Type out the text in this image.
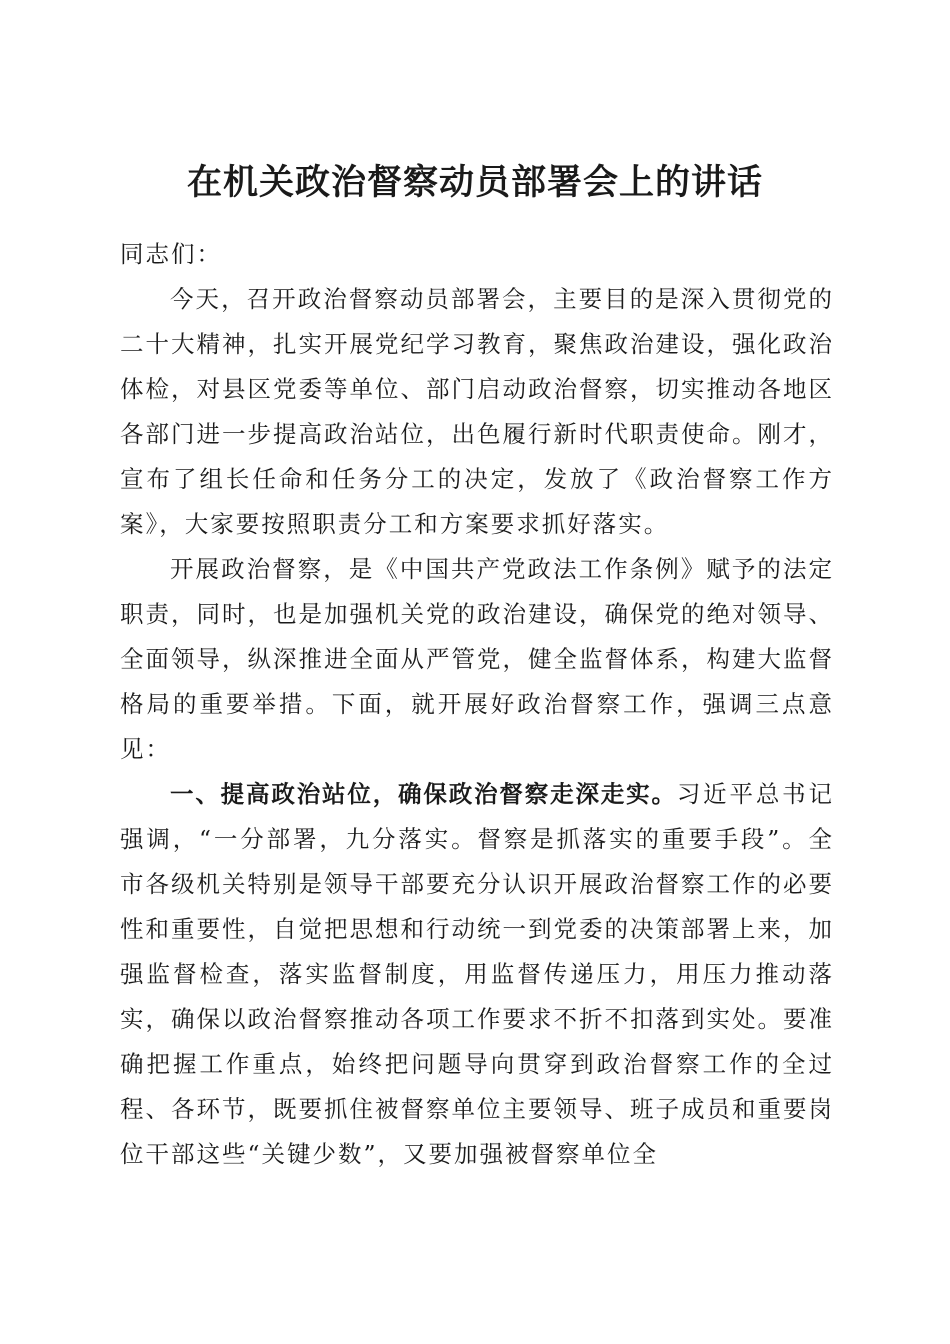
在机关政治督察动员部署会上的讲话

同志们：

今天，召开政治督察动员部署会，主要目的是深入贯彻党的二十大精神，扎实开展党纪学习教育，聚焦政治建设，强化政治体检，对县区党委等单位、部门启动政治督察，切实推动各地区各部门进一步提高政治站位，出色履行新时代职责使命。刚才，宣布了组长任命和任务分工的决定，发放了《政治督察工作方案》，大家要按照职责分工和方案要求抓好落实。

开展政治督察，是《中国共产党政法工作条例》赋予的法定职责，同时，也是加强机关党的政治建设，确保党的绝对领导、全面领导，纵深推进全面从严管党，健全监督体系，构建大监督格局的重要举措。下面，就开展好政治督察工作，强调三点意见：

一、提高政治站位，确保政治督察走深走实。习近平总书记强调，“一分部署，九分落实。督察是抓落实的重要手段”。全市各级机关特别是领导干部要充分认识开展政治督察工作的必要性和重要性，自觉把思想和行动统一到党委的决策部署上来，加强监督检查，落实监督制度，用监督传递压力，用压力推动落实，确保以政治督察推动各项工作要求不折不扣落到实处。要准确把握工作重点，始终把问题导向贯穿到政治督察工作的全过程、各环节，既要抓住被督察单位主要领导、班子成员和重要岗位干部这些“关键少数”，又要加强被督察单位全
